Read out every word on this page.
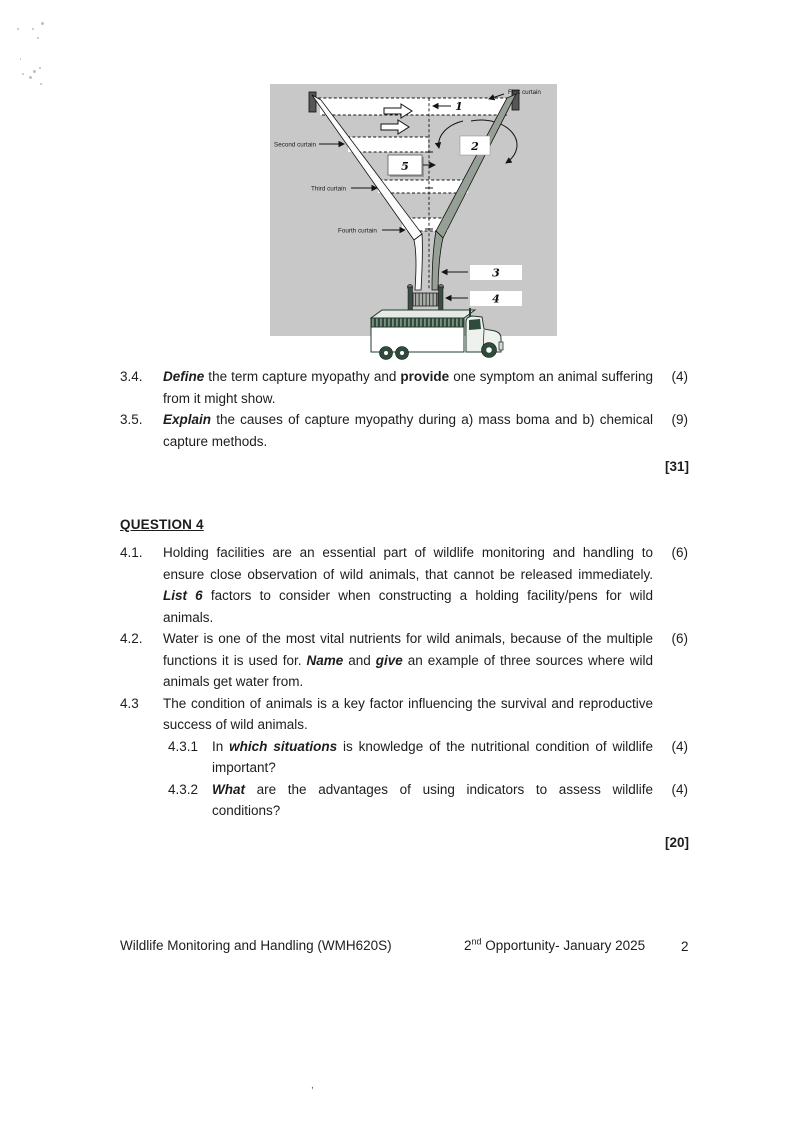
,
1
2
5
3
4
First curtain
Second curtain
Third curtain
Fourth curtain
3.4.	Define the term capture myopathy and provide one symptom an animal suffering from it might show.
(4)
3.5.	Explain the causes of capture myopathy during a) mass boma and b) chemical capture methods.
(9)
[31]
QUESTION 4
4.1.	Holding facilities are an essential part of wildlife monitoring and handling to ensure close observation of wild animals, that cannot be released immediately. List 6 factors to consider when constructing a holding facility/pens for wild animals.
(6)
4.2.	Water is one of the most vital nutrients for wild animals, because of the multiple functions it is used for. Name and give an example of three sources where wild animals get water from.
(6)
4.3	The condition of animals is a key factor influencing the survival and reproductive success of wild animals.
4.3.1	In which situations is knowledge of the nutritional condition of wildlife important?
(4)
4.3.2	What are the advantages of using indicators to assess wildlife conditions?
(4)
[20]
Wildlife Monitoring and Handling (WMH620S)	2nd Opportunity- January 2025	2
